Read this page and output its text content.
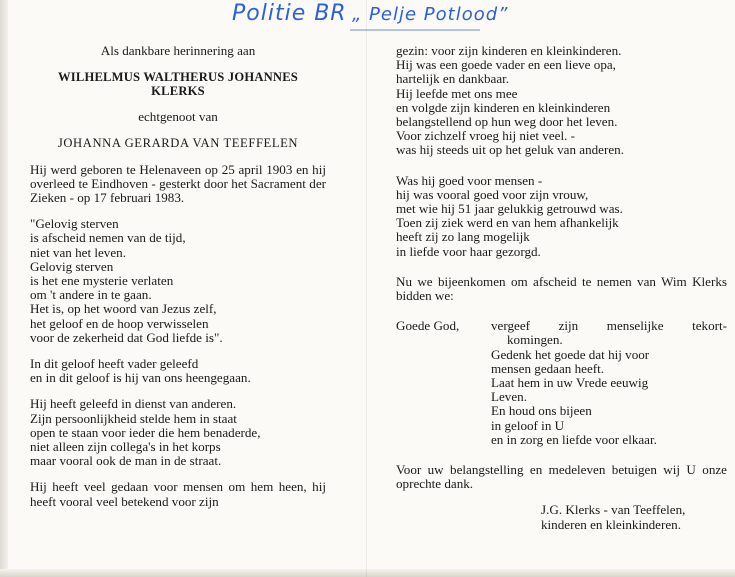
Politie BR „ Pelje Potlood”
Als dankbare herinnering aan
WILHELMUS WALTHERUS JOHANNES
KLERKS
echtgenoot van
JOHANNA GERARDA VAN TEEFFELEN
Hij werd geboren te Helenaveen op 25 april 1903 en hij overleed te Eindhoven - gesterkt door het Sacrament der Zieken - op 17 februari 1983.
"Gelovig sterven
is afscheid nemen van de tijd,
niet van het leven.
Gelovig sterven
is het ene mysterie verlaten
om 't andere in te gaan.
Het is, op het woord van Jezus zelf,
het geloof en de hoop verwisselen
voor de zekerheid dat God liefde is".
In dit geloof heeft vader geleefd
en in dit geloof is hij van ons heengegaan.
Hij heeft geleefd in dienst van anderen.
Zijn persoonlijkheid stelde hem in staat
open te staan voor ieder die hem benaderde,
niet alleen zijn collega's in het korps
maar vooral ook de man in de straat.
Hij heeft veel gedaan voor mensen om hem heen, hij heeft vooral veel betekend voor zijn
gezin: voor zijn kinderen en kleinkinderen.
Hij was een goede vader en een lieve opa,
hartelijk en dankbaar.
Hij leefde met ons mee
en volgde zijn kinderen en kleinkinderen
belangstellend op hun weg door het leven.
Voor zichzelf vroeg hij niet veel. -
was hij steeds uit op het geluk van anderen.
Was hij goed voor mensen -
hij was vooral goed voor zijn vrouw,
met wie hij 51 jaar gelukkig getrouwd was.
Toen zij ziek werd en van hem afhankelijk
heeft zij zo lang mogelijk
in liefde voor haar gezorgd.
Nu we bijeenkomen om afscheid te nemen van Wim Klerks bidden we:
Goede God, vergeef zijn menselijke tekort-
komingen.
Gedenk het goede dat hij voor
mensen gedaan heeft.
Laat hem in uw Vrede eeuwig
Leven.
En houd ons bijeen
in geloof in U
en in zorg en liefde voor elkaar.
Voor uw belangstelling en medeleven betuigen wij U onze oprechte dank.
J.G. Klerks - van Teeffelen,
kinderen en kleinkinderen.
